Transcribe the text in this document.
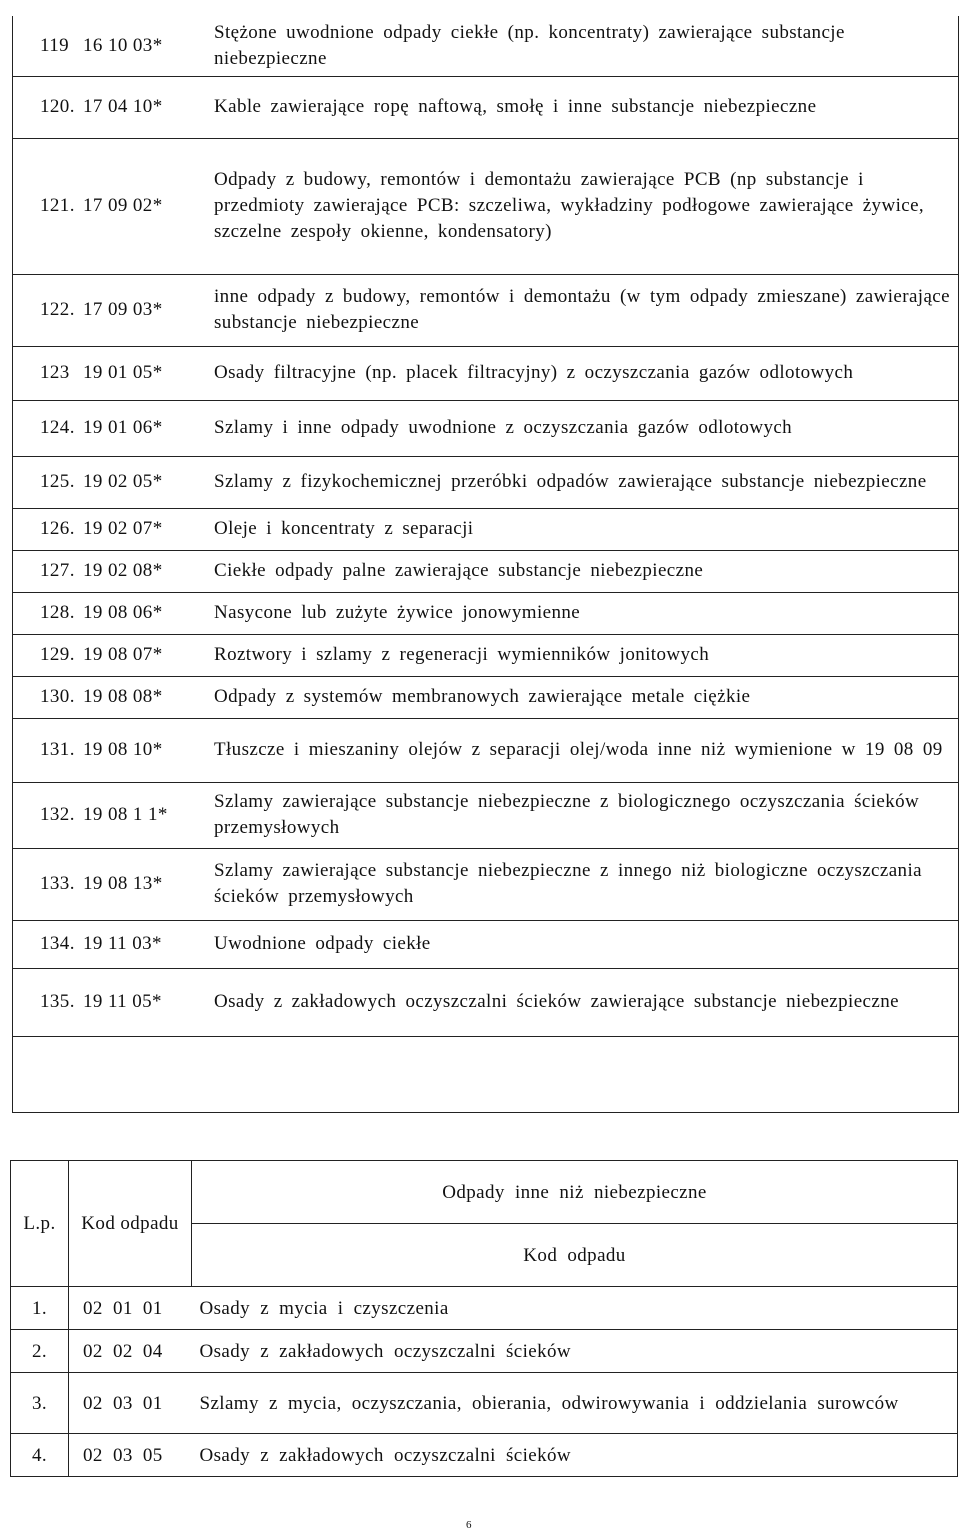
119	16 10 03*	Stężone uwodnione odpady ciekłe (np. koncentraty) zawierające substancje niebezpieczne
120.	17 04 10*	Kable zawierające ropę naftową, smołę i inne substancje niebezpieczne
121.	17 09 02*	Odpady z budowy, remontów i demontażu zawierające PCB (np substancje i przedmioty zawierające PCB: szczeliwa, wykładziny podłogowe zawierające żywice, szczelne zespoły okienne, kondensatory)
122.	17 09 03*	inne odpady z budowy, remontów i demontażu (w tym odpady zmieszane) zawierające substancje niebezpieczne
123	19 01 05*	Osady filtracyjne (np. placek filtracyjny) z oczyszczania gazów odlotowych
124.	19 01 06*	Szlamy i inne odpady uwodnione z oczyszczania gazów odlotowych
125.	19 02 05*	Szlamy z fizykochemicznej przeróbki odpadów zawierające substancje niebezpieczne
126.	19 02 07*	Oleje i koncentraty z separacji
127.	19 02 08*	Ciekłe odpady palne zawierające substancje niebezpieczne
128.	19 08 06*	Nasycone lub zużyte żywice jonowymienne
129.	19 08 07*	Roztwory i szlamy z regeneracji wymienników jonitowych
130.	19 08 08*	Odpady z systemów membranowych zawierające metale ciężkie
131.	19 08 10*	Tłuszcze i mieszaniny olejów z separacji olej/woda inne niż wymienione w 19 08 09
132.	19 08 1 1*	Szlamy zawierające substancje niebezpieczne z biologicznego oczyszczania ścieków przemysłowych
133.	19 08 13*	Szlamy zawierające substancje niebezpieczne z innego niż biologiczne oczyszczania ścieków przemysłowych
134.	19 11 03*	Uwodnione odpady ciekłe
135.	19 11 05*	Osady z zakładowych oczyszczalni ścieków zawierające substancje niebezpieczne
L.p.	Kod odpadu	Odpady inne niż niebezpieczne
		Kod odpadu
1.	02 01 01	Osady z mycia i czyszczenia
2.	02 02 04	Osady z zakładowych oczyszczalni ścieków
3.	02 03 01	Szlamy z mycia, oczyszczania, obierania, odwirowywania i oddzielania surowców
4.	02 03 05	Osady z zakładowych oczyszczalni ścieków
6
